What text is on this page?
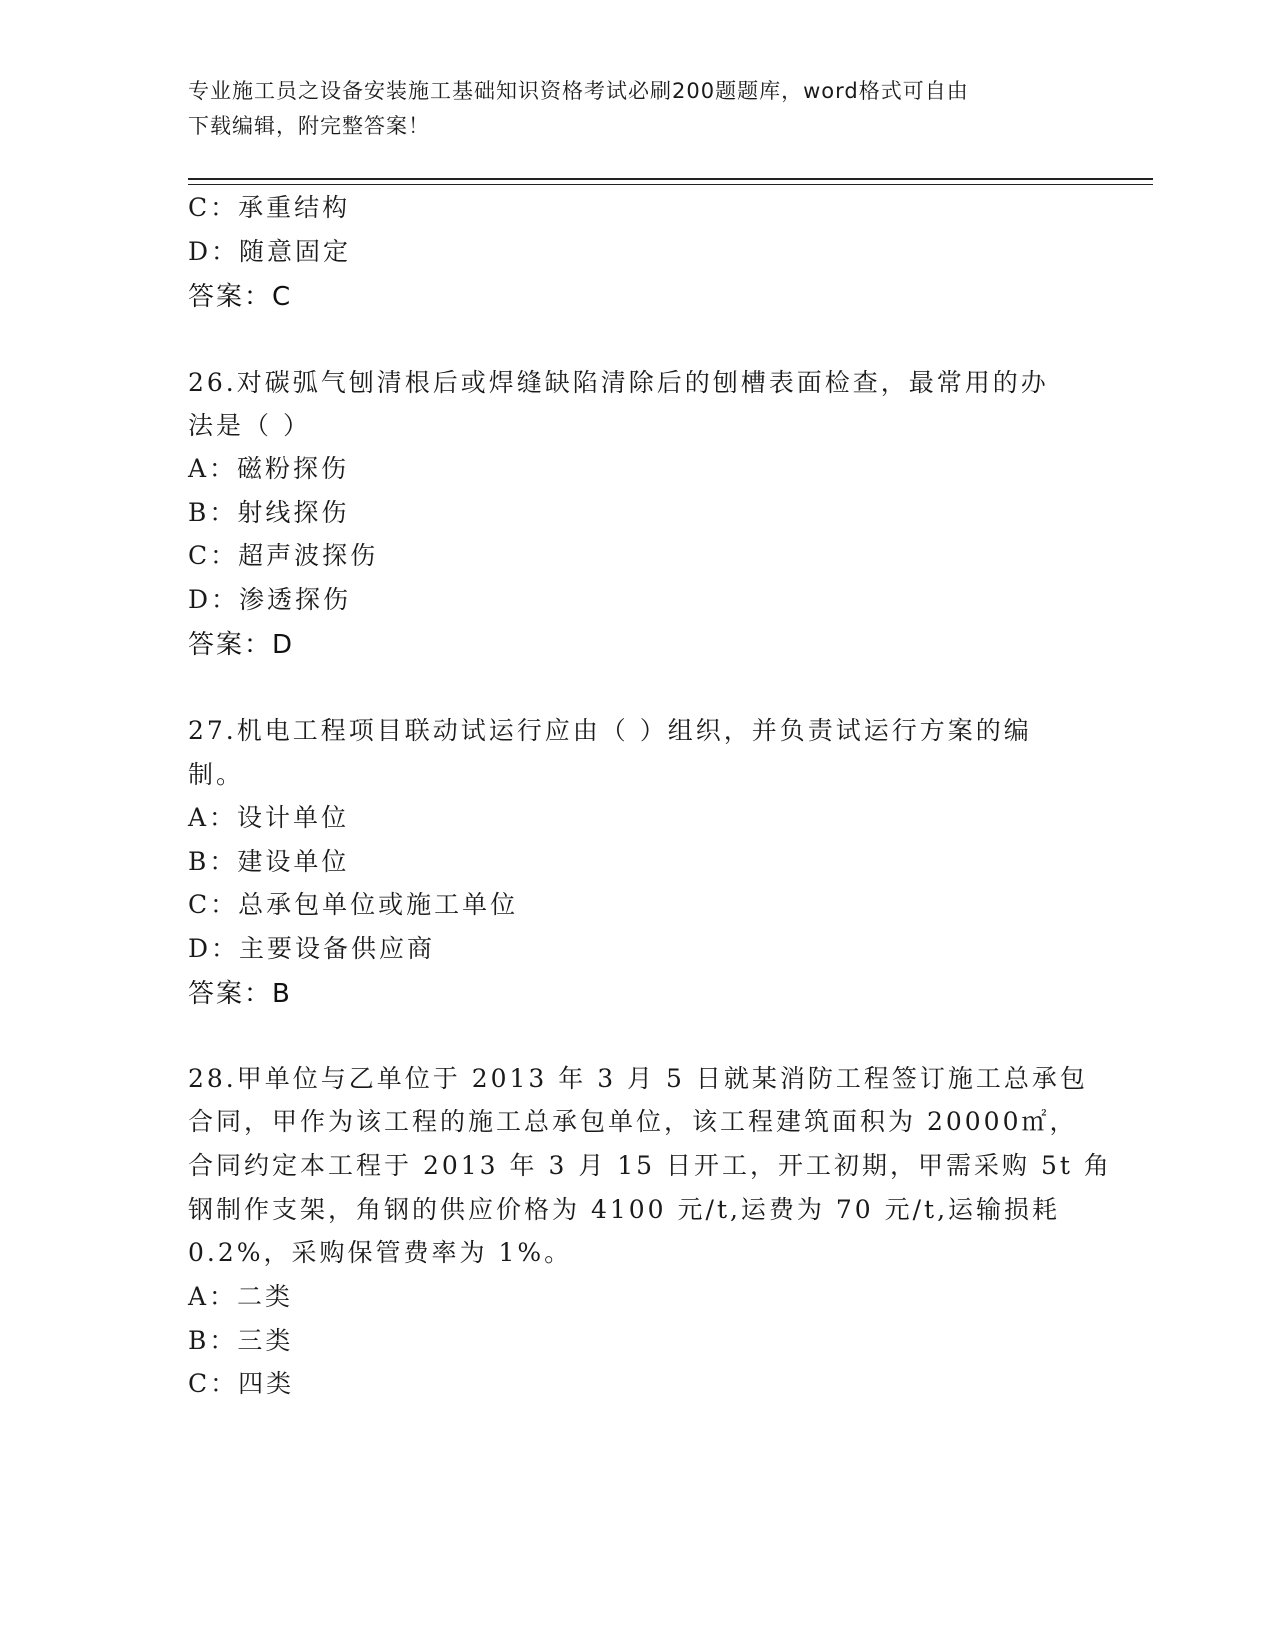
专业施工员之设备安装施工基础知识资格考试必刷200题题库，word格式可自由
下载编辑，附完整答案！
C：承重结构
D：随意固定
答案：C
26.对碳弧气刨清根后或焊缝缺陷清除后的刨槽表面检查，最常用的办
法是（ ）
A：磁粉探伤
B：射线探伤
C：超声波探伤
D：渗透探伤
答案：D
27.机电工程项目联动试运行应由（ ）组织，并负责试运行方案的编
制。
A：设计单位
B：建设单位
C：总承包单位或施工单位
D：主要设备供应商
答案：B
28.甲单位与乙单位于 2013 年 3 月 5 日就某消防工程签订施工总承包
合同，甲作为该工程的施工总承包单位，该工程建筑面积为 20000㎡，
合同约定本工程于 2013 年 3 月 15 日开工，开工初期，甲需采购 5t 角
钢制作支架，角钢的供应价格为 4100 元/t,运费为 70 元/t,运输损耗
0.2%，采购保管费率为 1%。
A：二类
B：三类
C：四类
